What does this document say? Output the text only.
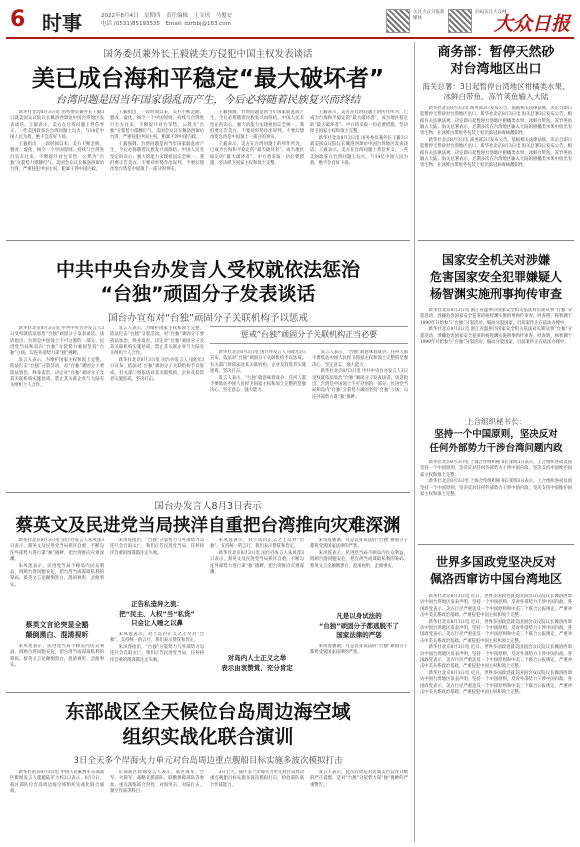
6 时事	2022年8月4日　星期四　责任编辑　王文琼　马俊安
电话 (0531)85193535　Email: dzrbbj@163.com
关注大众日报新媒体
扫码关注大众网
大众日报
国务委员兼外长王毅就美方侵犯中国主权发表谈话
美已成台海和平稳定“最大破坏者”
台湾问题是因当年国家弱乱而产生，今后必将随着民族复兴而终结

新华社金边8月3日电 国务委员兼外长王毅3日就美国众议院议长佩洛西窜访中国台湾地区发表谈话。王毅表示，美方在台湾问题上背信弃义，一些美国政客在台湾问题上玩火，与14亿中国人民为敌，绝不会有好下场。

王毅指出，一段时间以来，美方不断歪曲、篡改、虚化、掏空一个中国原则，持续与台湾进行官方往来，不断提升对台军售，公然为“台独”分裂势力撑腰打气。美国会众议长佩洛西窜访台湾，严重侵犯中国主权，粗暴干涉中国内政。

王毅指出，一段时间以来，美方不断歪曲、篡改、虚化、掏空一个中国原则，持续与台湾进行官方往来，不断提升对台军售，公然为“台独”分裂势力撑腰打气。美国会众议长佩洛西窜访台湾，严重侵犯中国主权，粗暴干涉中国内政。

王毅强调，台湾问题是因当年国家弱乱而产生，今后必将随着民族复兴而终结。中国人民有坚定的决心、强大的能力实现祖国完全统一。我们要正告美方，不要对形势作出误判，不要幻想改变台湾是中国领土一部分的事实。

王毅强调，台湾问题是因当年国家弱乱而产生，今后必将随着民族复兴而终结。中国人民有坚定的决心、强大的能力实现祖国完全统一。我们要正告美方，不要对形势作出误判，不要幻想改变台湾是中国领土一部分的事实。

王毅表示，美方在台湾问题上的所作所为，已成为台海和平稳定的“最大破坏者”，成为地区稳定的“最大破坏者”。中方将采取一切必要措施，坚决捍卫国家主权和领土完整。

王毅表示，美方在台湾问题上的所作所为，已成为台海和平稳定的“最大破坏者”，成为地区稳定的“最大破坏者”。中方将采取一切必要措施，坚决捍卫国家主权和领土完整。

新华社金边8月3日电 国务委员兼外长王毅3日就美国众议院议长佩洛西窜访中国台湾地区发表谈话。王毅表示，美方在台湾问题上背信弃义，一些美国政客在台湾问题上玩火，与14亿中国人民为敌，绝不会有好下场。

商务部：暂停天然砂
对台湾地区出口
海关总署：3日起暂停台湾地区柑橘类水果、冰鲜白带鱼、冻竹荚鱼输入大陆

新华社北京8月3日电 商务部3日发布公告，依据相关法律法规，决定自即日起暂停天然砂对台湾地区出口。新华社北京8月3日电 海关总署3日发布公告，根据有关法律法规，决定即日起暂停台湾地区柑橘类水果、冰鲜白带鱼、冻竹荚鱼输入大陆。海关总署表示，近期多次在台湾地区输入大陆的柑橘类水果中检出有害生物，在冰鲜白带鱼外包装上检出新冠病毒核酸阳性。

新华社北京8月3日电 商务部3日发布公告，依据相关法律法规，决定自即日起暂停天然砂对台湾地区出口。新华社北京8月3日电 海关总署3日发布公告，根据有关法律法规，决定即日起暂停台湾地区柑橘类水果、冰鲜白带鱼、冻竹荚鱼输入大陆。海关总署表示，近期多次在台湾地区输入大陆的柑橘类水果中检出有害生物，在冰鲜白带鱼外包装上检出新冠病毒核酸阳性。

中共中央台办发言人受权就依法惩治
“台独”顽固分子发表谈话
国台办宣布对“台独”顽固分子关联机构予以惩戒

新华社北京8月3日电 中共中央台办发言人3日受权就依法惩治“台独”顽固分子发表谈话。谈话指出，台湾是中国领土不可分割的一部分。民进党当局和岛内“台独”分裂势力顽固坚持“台独”立场，勾连外部势力谋“独”挑衅。

发言人表示，为维护国家主权和领土完整，依法打击“台独”分裂活动，对“台独”顽固分子要依法惩治，终身追责。决定对“台独”顽固分子及其关联机构实施惩戒，禁止其关联企业与大陆有关组织个人合作。

发言人表示，为维护国家主权和领土完整，依法打击“台独”分裂活动，对“台独”顽固分子要依法惩治，终身追责。决定对“台独”顽固分子及其关联机构实施惩戒，禁止其关联企业与大陆有关组织个人合作。

新华社北京8月3日电 国台办发言人马晓光3日宣布，依法对“台独”顽固分子关联机构予以惩戒。有关部门将依法对其关联机构、企业及投资者实施惩戒，坚决打击。

惩戒“台独”顽固分子关联机构正当必要

新华社北京8月3日电 国台办发言人马晓光3日宣布，依法对“台独”顽固分子关联机构予以惩戒。有关部门将依法对其关联机构、企业及投资者实施惩戒，坚决打击。

发言人表示，“台独”就意味着战争，任何人都不要低估中国人民捍卫国家主权和领土完整的坚强决心、坚定意志、强大能力。

发言人表示，“台独”就意味着战争，任何人都不要低估中国人民捍卫国家主权和领土完整的坚强决心、坚定意志、强大能力。

新华社北京8月3日电 中共中央台办发言人3日受权就依法惩治“台独”顽固分子发表谈话。谈话指出，台湾是中国领土不可分割的一部分。民进党当局和岛内“台独”分裂势力顽固坚持“台独”立场，勾连外部势力谋“独”挑衅。

国家安全机关对涉嫌
危害国家安全犯罪嫌疑人
杨智渊实施刑事拘传审查

新华社北京8月3日电 浙江省温州市国家安全机关依法对长期从事“台独”分裂活动、涉嫌危害国家安全犯罪的杨智渊实施刑事拘传审查。经查明，杨智渊于1990年开始参与“台独”分裂活动，煽动分裂国家，目前案件正在依法办理中。

新华社北京8月3日电 浙江省温州市国家安全机关依法对长期从事“台独”分裂活动、涉嫌危害国家安全犯罪的杨智渊实施刑事拘传审查。经查明，杨智渊于1990年开始参与“台独”分裂活动，煽动分裂国家，目前案件正在依法办理中。

上合组织秘书长：
坚持一个中国原则，坚决反对
任何外部势力干涉台湾问题内政

新华社北京8月3日电 上海合作组织秘书长张明3日表示，上合组织各成员国坚持一个中国原则，坚决反对任何外部势力干涉中国内政，坚决支持中国维护国家主权和领土完整。

新华社北京8月3日电 上海合作组织秘书长张明3日表示，上合组织各成员国坚持一个中国原则，坚决反对任何外部势力干涉中国内政，坚决支持中国维护国家主权和领土完整。

国台办发言人8月3日表示
蔡英文及民进党当局挟洋自重把台湾推向灾难深渊

新华社北京8月3日电 国台办发言人朱凤莲3日表示，蔡英文及民进党当局挟洋自重，不断勾连外部势力进行谋“独”挑衅，把台湾推向灾难深渊。

朱凤莲表示，民进党当局不顾岛内民众利益，罔顾台湾同胞安危，把台湾当成谋取私利的筹码。蔡英文言论颠倒黑白，混淆视听，歪曲事实。

蔡英文言论突显全豁
颠倒黑白、混淆视听

朱凤莲表示，民进党当局不顾岛内民众利益，罔顾台湾同胞安危，把台湾当成谋取私利的筹码。蔡英文言论颠倒黑白，混淆视听，歪曲事实。

朱凤莲指出，“台独”分裂势力与外部势力勾连只会自取灭亡。我们正告民进党当局，任何挟洋自重的图谋都注定失败。

正告私造异之流：
把“民主、人权”当“私货”
只会让人唾之以鼻

朱凤莲表示，对于岛内正义之士反对“台独”、支持统一的言行，我们表示赞赏和肯定。

朱凤莲指出，“台独”分裂势力与外部势力勾连只会自取灭亡。我们正告民进党当局，任何挟洋自重的图谋都注定失败。

朱凤莲表示，对于岛内正义之士反对“台独”、支持统一的言行，我们表示赞赏和肯定。

新华社北京8月3日电 国台办发言人朱凤莲3日表示，蔡英文及民进党当局挟洋自重，不断勾连外部势力进行谋“独”挑衅，把台湾推向灾难深渊。

对岛内人士正义之举
表示由衷赞赏、充分肯定

朱凤莲强调，凡是以身试法的“台独”顽固分子都将受到国家法律的严惩。

朱凤莲表示，民进党当局不顾岛内民众利益，罔顾台湾同胞安危，把台湾当成谋取私利的筹码。蔡英文言论颠倒黑白，混淆视听，歪曲事实。

凡是以身试法的
“台独”顽固分子都逃脱不了
国家法律的严惩

朱凤莲强调，凡是以身试法的“台独”顽固分子都将受到国家法律的严惩。

世界多国政党坚决反对
佩洛西窜访中国台湾地区

新华社北京8月3日电 近日，世界多国政党就美国国会众议院议长佩洛西窜访中国台湾地区发表声明，坚持一个中国原则，反对外部势力干涉中国内政。各国政党表示，美方行径严重违反一个中国原则和中美三个联合公报规定，严重冲击中美关系政治基础，严重侵犯中国主权和领土完整。

新华社北京8月3日电 近日，世界多国政党就美国国会众议院议长佩洛西窜访中国台湾地区发表声明，坚持一个中国原则，反对外部势力干涉中国内政。各国政党表示，美方行径严重违反一个中国原则和中美三个联合公报规定，严重冲击中美关系政治基础，严重侵犯中国主权和领土完整。

新华社北京8月3日电 近日，世界多国政党就美国国会众议院议长佩洛西窜访中国台湾地区发表声明，坚持一个中国原则，反对外部势力干涉中国内政。各国政党表示，美方行径严重违反一个中国原则和中美三个联合公报规定，严重冲击中美关系政治基础，严重侵犯中国主权和领土完整。

新华社北京8月3日电 近日，世界多国政党就美国国会众议院议长佩洛西窜访中国台湾地区发表声明，坚持一个中国原则，反对外部势力干涉中国内政。各国政党表示，美方行径严重违反一个中国原则和中美三个联合公报规定，严重冲击中美关系政治基础，严重侵犯中国主权和领土完整。

东部战区全天候位台岛周边海空域
组织实战化联合演训
3日全天多个岸海火力单元对台岛周边重点舰船目标实施多波次模拟打击

新华社南京8月3日电 中国人民解放军东部战区新闻发言人施毅陆军大校3日表示，8月3日，战区部队位台岛周边海空域组织实战化联合演训。

东部战区新闻发言人表示，战区海军、空军、火箭军、战略支援部队、联勤保障部队等参加，重点演练联合封控、对海突击、对陆打击、制空作战等科目。

3日全天，战区多个岸海火力单元对台岛周边重点舰船目标实施多波次模拟打击，检验部队联合作战能力。

发言人表示，此次行动是对近期美台勾连升级的严正震慑，是对“台独”分裂势力谋“独”挑衅的严重警告。
